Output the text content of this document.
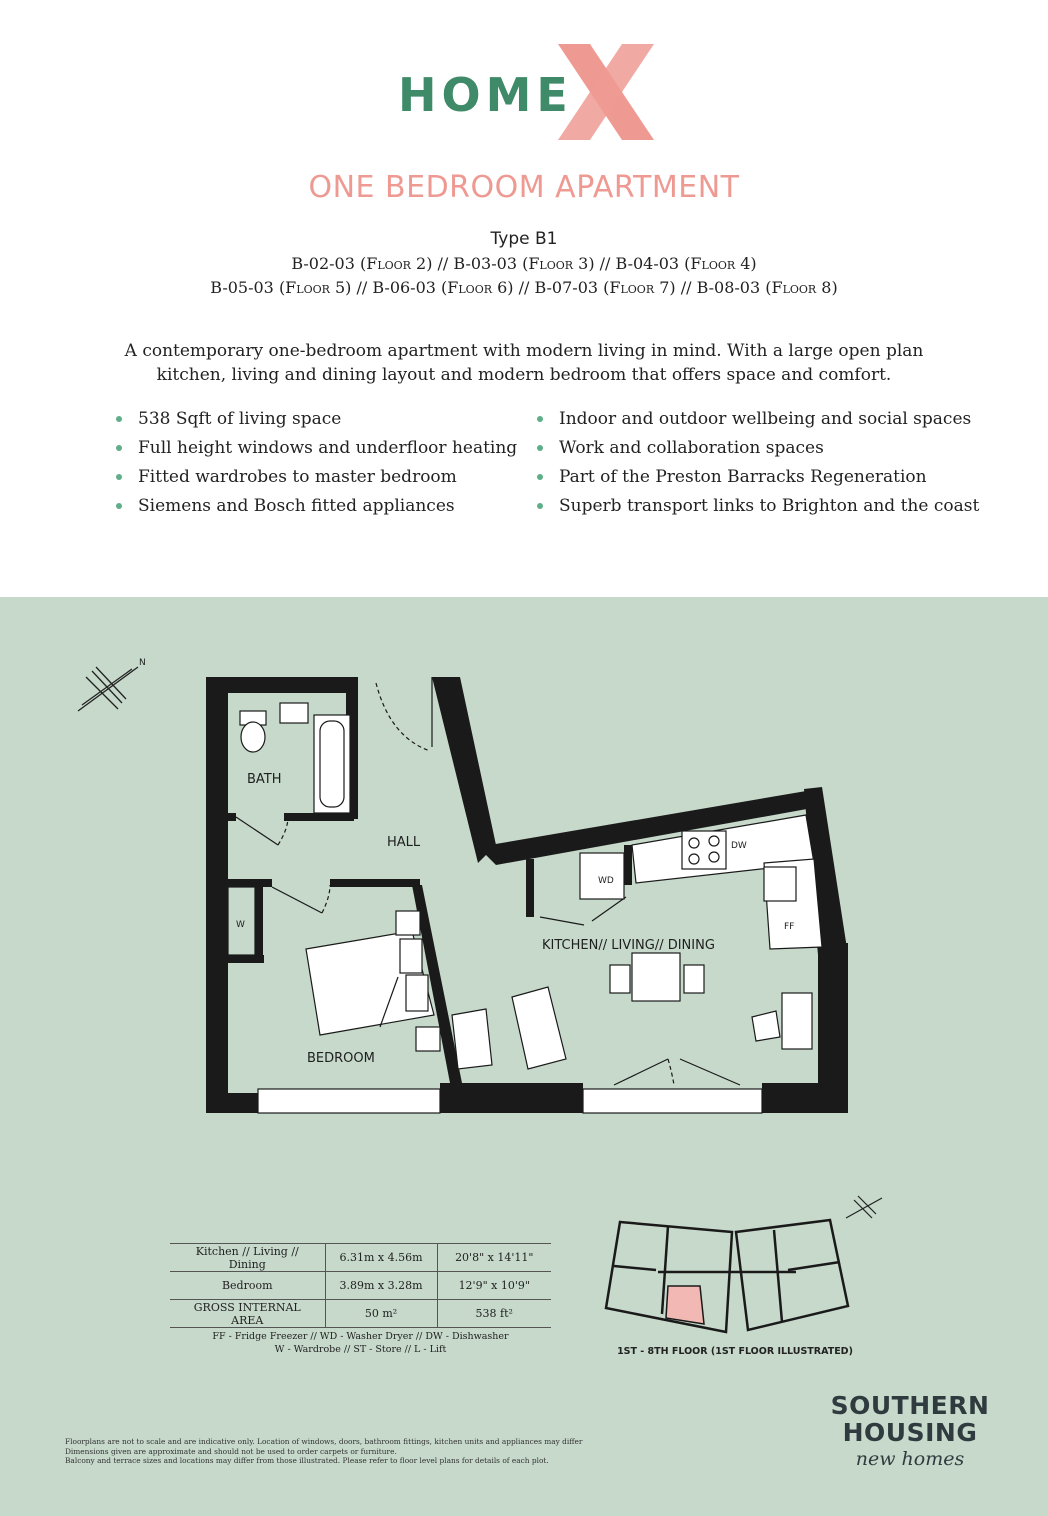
HOME
ONE BEDROOM APARTMENT
Type B1
B-02-03 (Floor 2) // B-03-03 (Floor 3) // B-04-03 (Floor 4)
B-05-03 (Floor 5) // B-06-03 (Floor 6) // B-07-03 (Floor 7) // B-08-03 (Floor 8)
A contemporary one-bedroom apartment with modern living in mind. With a large open plan kitchen, living and dining layout and modern bedroom that offers space and comfort.
538 Sqft of living space
Full height windows and underfloor heating
Fitted wardrobes to master bedroom
Siemens and Bosch fitted appliances
Indoor and outdoor wellbeing and social spaces
Work and collaboration spaces
Part of the Preston Barracks Regeneration
Superb transport links to Brighton and the coast
N
BATH
HALL
W
BEDROOM
WD
DW
FF
KITCHEN// LIVING// DINING
Kitchen // Living // Dining	6.31m x 4.56m	20'8" x 14'11"
Bedroom	3.89m x 3.28m	12'9" x 10'9"
GROSS INTERNAL AREA	50 m²	538 ft²
FF - Fridge Freezer // WD - Washer Dryer // DW - Dishwasher
W - Wardrobe // ST - Store // L - Lift	1ST - 8TH FLOOR (1ST FLOOR ILLUSTRATED)
SOUTHERN
HOUSING
new homes
Floorplans are not to scale and are indicative only. Location of windows, doors, bathroom fittings, kitchen units and appliances may differ
Dimensions given are approximate and should not be used to order carpets or furniture.
Balcony and terrace sizes and locations may differ from those illustrated. Please refer to floor level plans for details of each plot.
